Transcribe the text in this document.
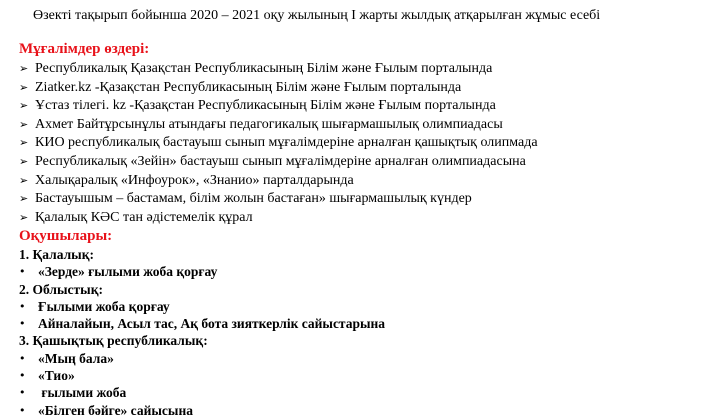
Өзекті тақырып бойынша 2020 – 2021 оқу жылының І жарты жылдық атқарылған жұмыс есебі
Мұғалімдер өздері:
➢ Республикалық Қазақстан Республикасының Білім және Ғылым порталында
➢ Ziatker.kz -Қазақстан Республикасының Білім және Ғылым порталында
➢ Ұстаз тілегі. kz -Қазақстан Республикасының Білім және Ғылым порталында
➢ Ахмет Байтұрсынұлы атындағы педагогикалық шығармашылық олимпиадасы
➢ КИО республикалық бастауыш сынып мұғалімдеріне арналған қашықтық олипмада
➢ Республикалық «Зейін» бастауыш сынып мұғалімдеріне арналған олимпиадасына
➢ Халықаралық «Инфоурок», «Знанио» парталдарында
➢ Бастауышым – бастамам, білім жолын бастаған» шығармашылық күндер
➢ Қалалық КӘС тан әдістемелік құрал
Оқушылары:
1. Қалалық:
• «Зерде» ғылыми жоба қорғау
2. Облыстық:
• Ғылыми жоба қорғау
• Айналайын, Асыл тас, Ақ бота зияткерлік сайыстарына
3. Қашықтық республикалық:
• «Мың бала»
• «Тио»
• ғылыми жоба
• «Білген бәйге» сайысына
